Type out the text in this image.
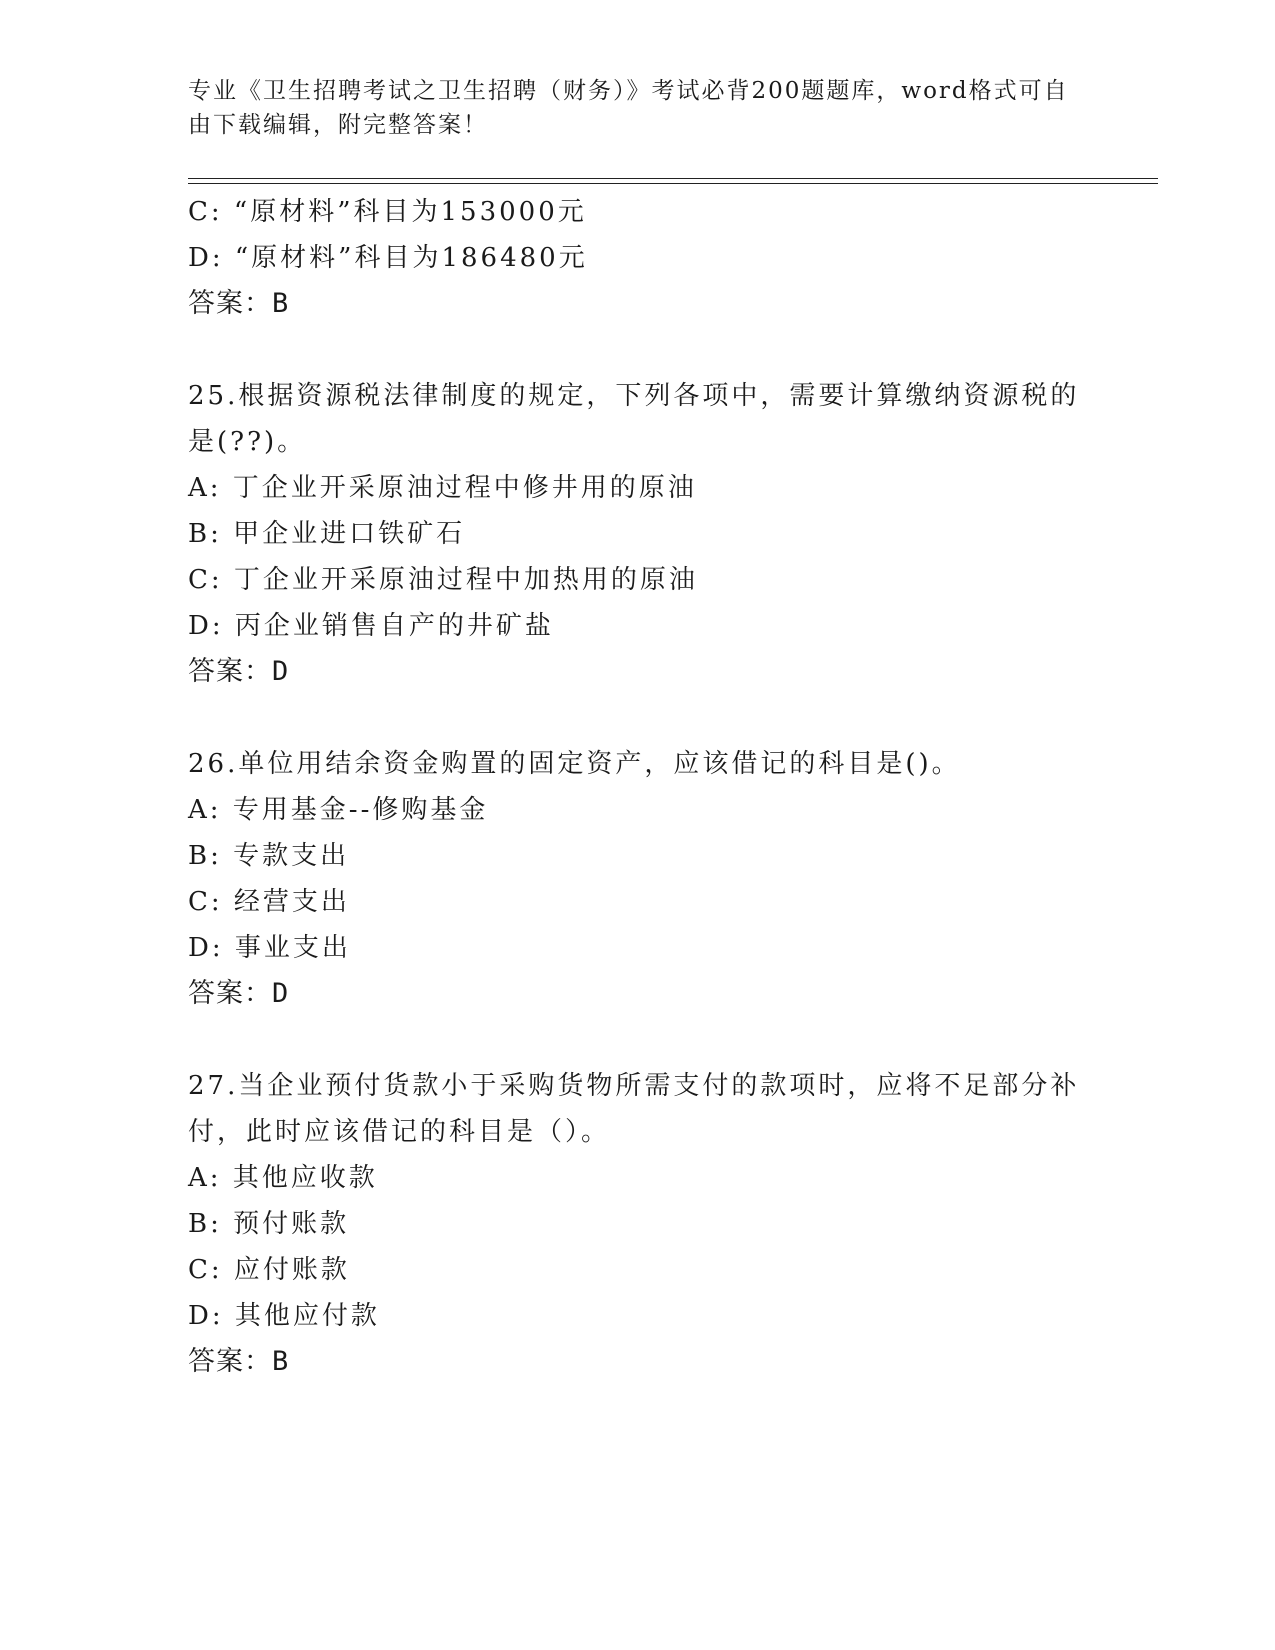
专业《卫生招聘考试之卫生招聘（财务）》考试必背200题题库，word格式可自
由下载编辑，附完整答案！
C: “原材料”科目为153000元
D: “原材料”科目为186480元
答案：B
25.根据资源税法律制度的规定，下列各项中，需要计算缴纳资源税的
是(??)。
A: 丁企业开采原油过程中修井用的原油
B: 甲企业进口铁矿石
C: 丁企业开采原油过程中加热用的原油
D: 丙企业销售自产的井矿盐
答案：D
26.单位用结余资金购置的固定资产，应该借记的科目是()。
A: 专用基金--修购基金
B: 专款支出
C: 经营支出
D: 事业支出
答案：D
27.当企业预付货款小于采购货物所需支付的款项时，应将不足部分补
付，此时应该借记的科目是（）。
A: 其他应收款
B: 预付账款
C: 应付账款
D: 其他应付款
答案：B
